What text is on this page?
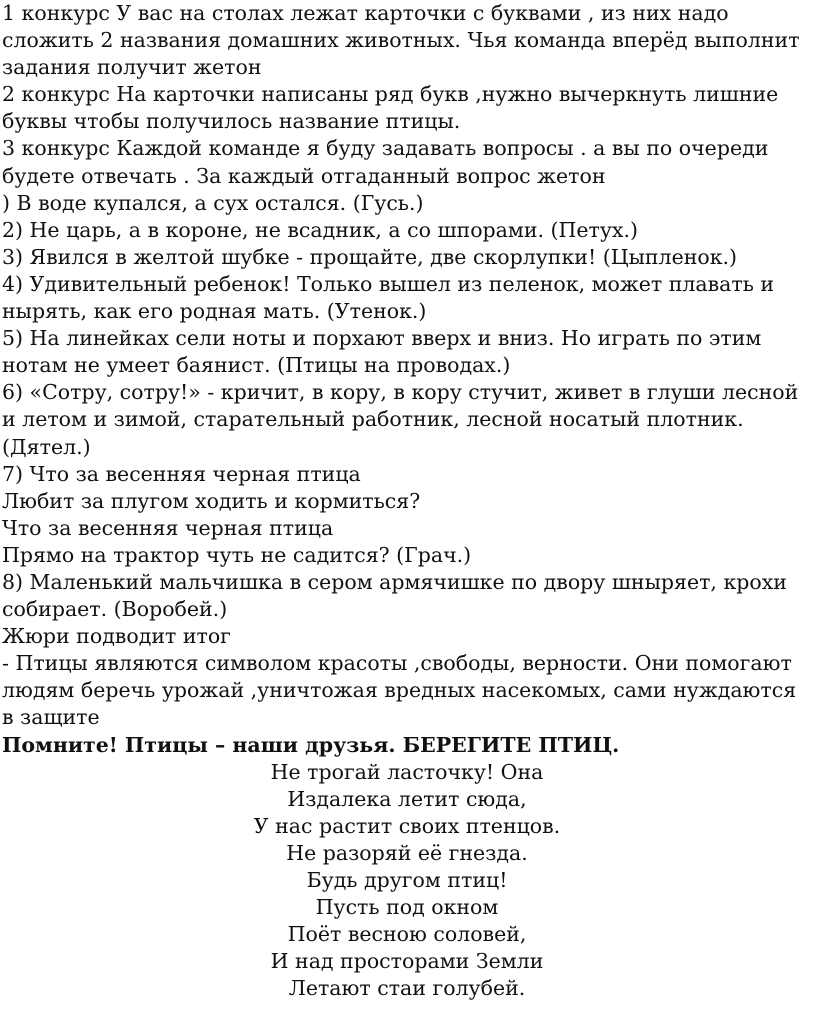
1 конкурс У вас на столах лежат карточки с буквами , из них надо сложить 2 названия домашних животных. Чья команда вперёд выполнит задания получит жетон

2 конкурс На карточки написаны ряд букв ,нужно вычеркнуть лишние буквы чтобы получилось название птицы.

3 конкурс Каждой команде я буду задавать вопросы . а вы по очереди будете отвечать . За каждый отгаданный вопрос жетон

) В воде купался, а сух остался. (Гусь.)

2) Не царь, а в короне, не всадник, а со шпорами. (Петух.)

3) Явился в желтой шубке - прощайте, две скорлупки! (Цыпленок.)

4) Удивительный ребенок! Только вышел из пеленок, может плавать и нырять, как его родная мать. (Утенок.)

5) На линейках сели ноты и порхают вверх и вниз. Но играть по этим нотам не умеет баянист. (Птицы на проводах.)

6) «Сотру, сотру!» - кричит, в кору, в кору стучит, живет в глуши лесной и летом и зимой, старательный работник, лесной носатый плотник. (Дятел.)

7) Что за весенняя черная птица

Любит за плугом ходить и кормиться?

Что за весенняя черная птица

Прямо на трактор чуть не садится? (Грач.)

8) Маленький мальчишка в сером армячишке по двору шныряет, крохи собирает. (Воробей.)

Жюри подводит итог

- Птицы являются символом красоты ,свободы, верности. Они помогают людям беречь урожай ,уничтожая вредных насекомых, сами нуждаются в защите

Помните! Птицы – наши друзья. БЕРЕГИТЕ ПТИЦ.

Не трогай ласточку! Она
Издалека летит сюда,
У нас растит своих птенцов.
Не разоряй её гнезда.
Будь другом птиц!
Пусть под окном
Поёт весною соловей,
И над просторами Земли
Летают стаи голубей.
